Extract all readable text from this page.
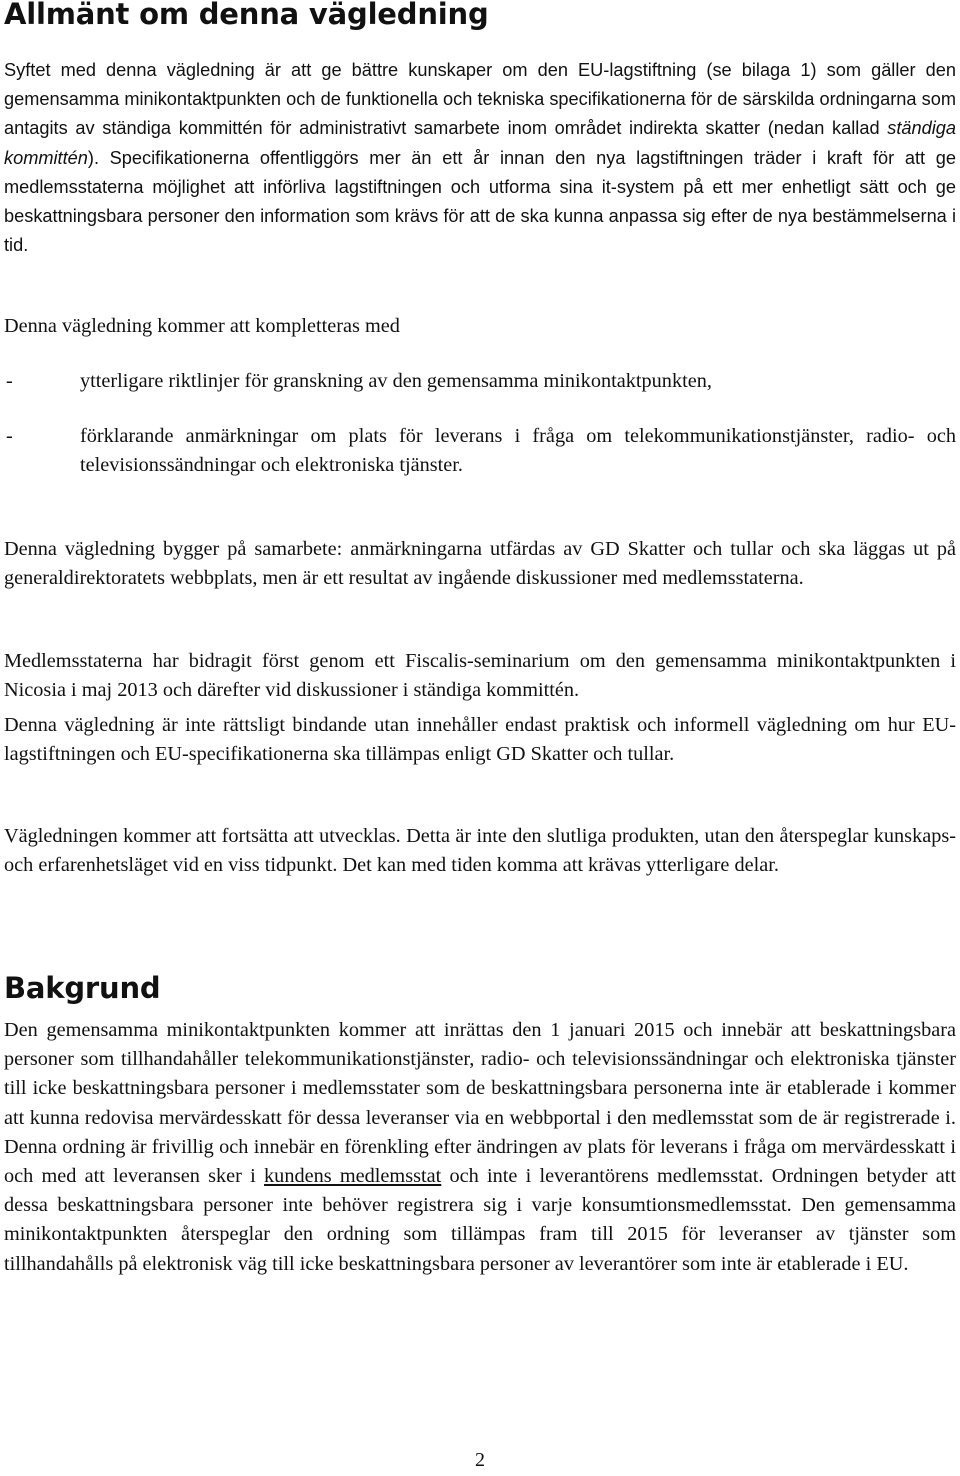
Allmänt om denna vägledning

Syftet med denna vägledning är att ge bättre kunskaper om den EU-lagstiftning (se bilaga 1) som gäller den gemensamma minikontaktpunkten och de funktionella och tekniska specifikationerna för de särskilda ordningarna som antagits av ständiga kommittén för administrativt samarbete inom området indirekta skatter (nedan kallad ständiga kommittén). Specifikationerna offentliggörs mer än ett år innan den nya lagstiftningen träder i kraft för att ge medlemsstaterna möjlighet att införliva lagstiftningen och utforma sina it-system på ett mer enhetligt sätt och ge beskattningsbara personer den information som krävs för att de ska kunna anpassa sig efter de nya bestämmelserna i tid.

Denna vägledning kommer att kompletteras med

-	ytterligare riktlinjer för granskning av den gemensamma minikontaktpunkten,
-	förklarande anmärkningar om plats för leverans i fråga om telekommunikationstjänster, radio- och televisionssändningar och elektroniska tjänster.

Denna vägledning bygger på samarbete: anmärkningarna utfärdas av GD Skatter och tullar och ska läggas ut på generaldirektoratets webbplats, men är ett resultat av ingående diskussioner med medlemsstaterna.

Medlemsstaterna har bidragit först genom ett Fiscalis-seminarium om den gemensamma minikontaktpunkten i Nicosia i maj 2013 och därefter vid diskussioner i ständiga kommittén.

Denna vägledning är inte rättsligt bindande utan innehåller endast praktisk och informell vägledning om hur EU-lagstiftningen och EU-specifikationerna ska tillämpas enligt GD Skatter och tullar.

Vägledningen kommer att fortsätta att utvecklas. Detta är inte den slutliga produkten, utan den återspeglar kunskaps- och erfarenhetsläget vid en viss tidpunkt. Det kan med tiden komma att krävas ytterligare delar.

Bakgrund

Den gemensamma minikontaktpunkten kommer att inrättas den 1 januari 2015 och innebär att beskattningsbara personer som tillhandahåller telekommunikationstjänster, radio- och televisionssändningar och elektroniska tjänster till icke beskattningsbara personer i medlemsstater som de beskattningsbara personerna inte är etablerade i kommer att kunna redovisa mervärdesskatt för dessa leveranser via en webbportal i den medlemsstat som de är registrerade i. Denna ordning är frivillig och innebär en förenkling efter ändringen av plats för leverans i fråga om mervärdesskatt i och med att leveransen sker i kundens medlemsstat och inte i leverantörens medlemsstat. Ordningen betyder att dessa beskattningsbara personer inte behöver registrera sig i varje konsumtionsmedlemsstat. Den gemensamma minikontaktpunkten återspeglar den ordning som tillämpas fram till 2015 för leveranser av tjänster som tillhandahålls på elektronisk väg till icke beskattningsbara personer av leverantörer som inte är etablerade i EU.

2
